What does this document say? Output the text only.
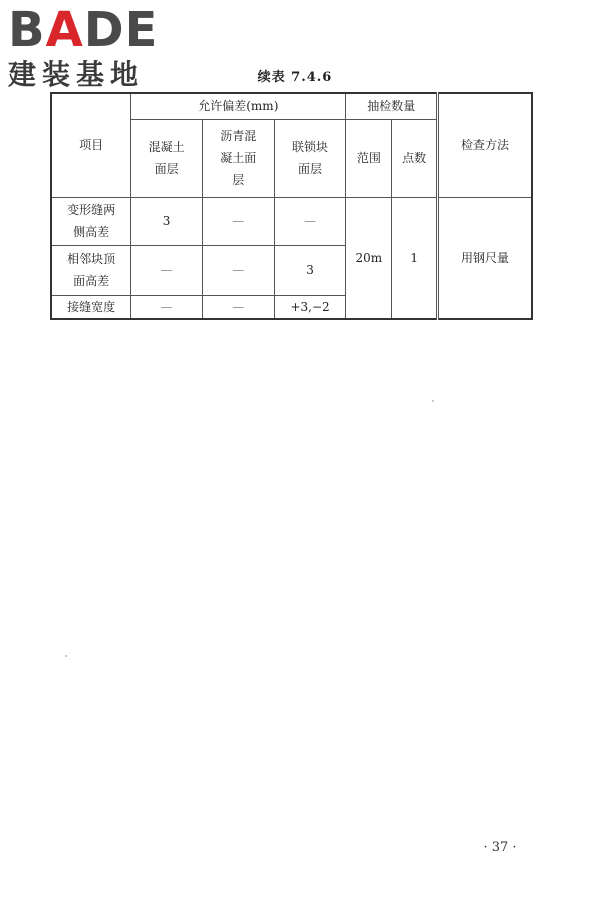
BADE
建装基地	续表 7.4.6
项目	允许偏差(mm)			抽检数量		检查方法
	混凝土面层	沥青混凝土面层	联锁块面层	范围	点数	
变形缝两侧高差	3	—	—	20m	1	用钢尺量
相邻块顶面高差	—	—	3			
接缝宽度	—	—	+3,−2			
· 37 ·
